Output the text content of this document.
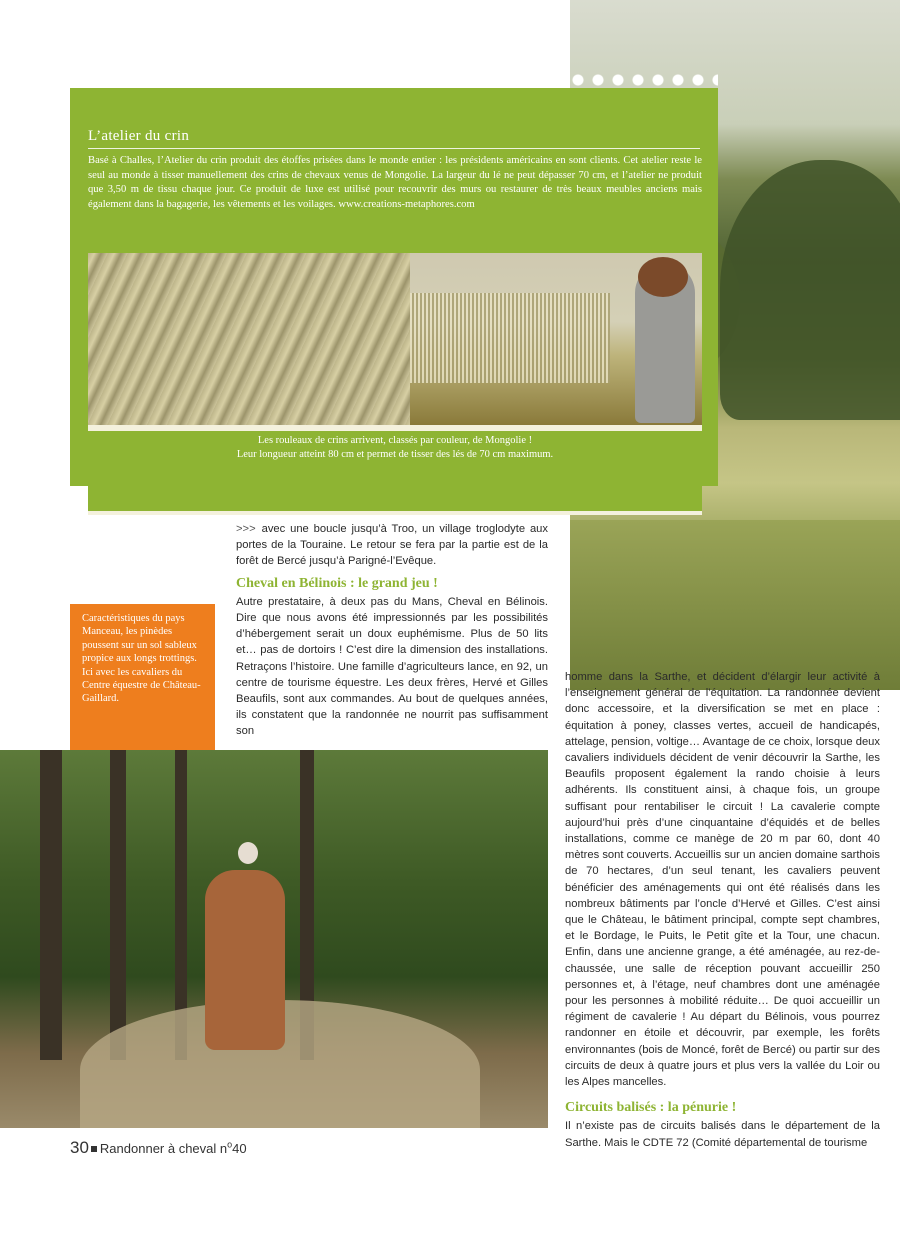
L’atelier du crin
Basé à Challes, l’Atelier du crin produit des étoffes prisées dans le monde entier : les présidents américains en sont clients. Cet atelier reste le seul au monde à tisser manuellement des crins de chevaux venus de Mongolie. La largeur du lé ne peut dépasser 70 cm, et l’atelier ne produit que 3,50 m de tissu chaque jour. Ce produit de luxe est utilisé pour recouvrir des murs ou restaurer de très beaux meubles anciens mais également dans la bagagerie, les vêtements et les voilages. www.creations-metaphores.com
Les rouleaux de crins arrivent, classés par couleur, de Mongolie !
Leur longueur atteint 80 cm et permet de tisser des lés de 70 cm maximum.
Caractéristiques du pays Manceau, les pinèdes poussent sur un sol sableux propice aux longs trottings. Ici avec les cavaliers du Centre équestre de Château-Gaillard.

>>> avec une boucle jusqu’à Troo, un village troglodyte aux portes de la Touraine. Le retour se fera par la partie est de la forêt de Bercé jusqu’à Parigné-l’Evêque.

Cheval en Bélinois : le grand jeu !

Autre prestataire, à deux pas du Mans, Cheval en Bélinois. Dire que nous avons été impressionnés par les possibilités d’hébergement serait un doux euphémisme. Plus de 50 lits et… pas de dortoirs ! C’est dire la dimension des installations. Retraçons l’histoire. Une famille d’agriculteurs lance, en 92, un centre de tourisme équestre. Les deux frères, Hervé et Gilles Beaufils, sont aux commandes. Au bout de quelques années, ils constatent que la randonnée ne nourrit pas suffisamment son

homme dans la Sarthe, et décident d’élargir leur activité à l’enseignement général de l’équitation. La randonnée devient donc accessoire, et la diversification se met en place : équitation à poney, classes vertes, accueil de handicapés, attelage, pension, voltige… Avantage de ce choix, lorsque deux cavaliers individuels décident de venir découvrir la Sarthe, les Beaufils proposent également la rando choisie à leurs adhérents. Ils constituent ainsi, à chaque fois, un groupe suffisant pour rentabiliser le circuit ! La cavalerie compte aujourd’hui près d’une cinquantaine d’équidés et de belles installations, comme ce manège de 20 m par 60, dont 40 mètres sont couverts. Accueillis sur un ancien domaine sarthois de 70 hectares, d’un seul tenant, les cavaliers peuvent bénéficier des aménagements qui ont été réalisés dans les nombreux bâtiments par l’oncle d’Hervé et Gilles. C’est ainsi que le Château, le bâtiment principal, compte sept chambres, et le Bordage, le Puits, le Petit gîte et la Tour, une chacun. Enfin, dans une ancienne grange, a été aménagée, au rez-de-chaussée, une salle de réception pouvant accueillir 250 personnes et, à l’étage, neuf chambres dont une aménagée pour les personnes à mobilité réduite… De quoi accueillir un régiment de cavalerie ! Au départ du Bélinois, vous pourrez randonner en étoile et découvrir, par exemple, les forêts environnantes (bois de Moncé, forêt de Bercé) ou partir sur des circuits de deux à quatre jours et plus vers la vallée du Loir ou les Alpes mancelles.

Circuits balisés : la pénurie !

Il n’existe pas de circuits balisés dans le département de la Sarthe. Mais le CDTE 72 (Comité départemental de tourisme

30 Randonner à cheval $n^o40$
